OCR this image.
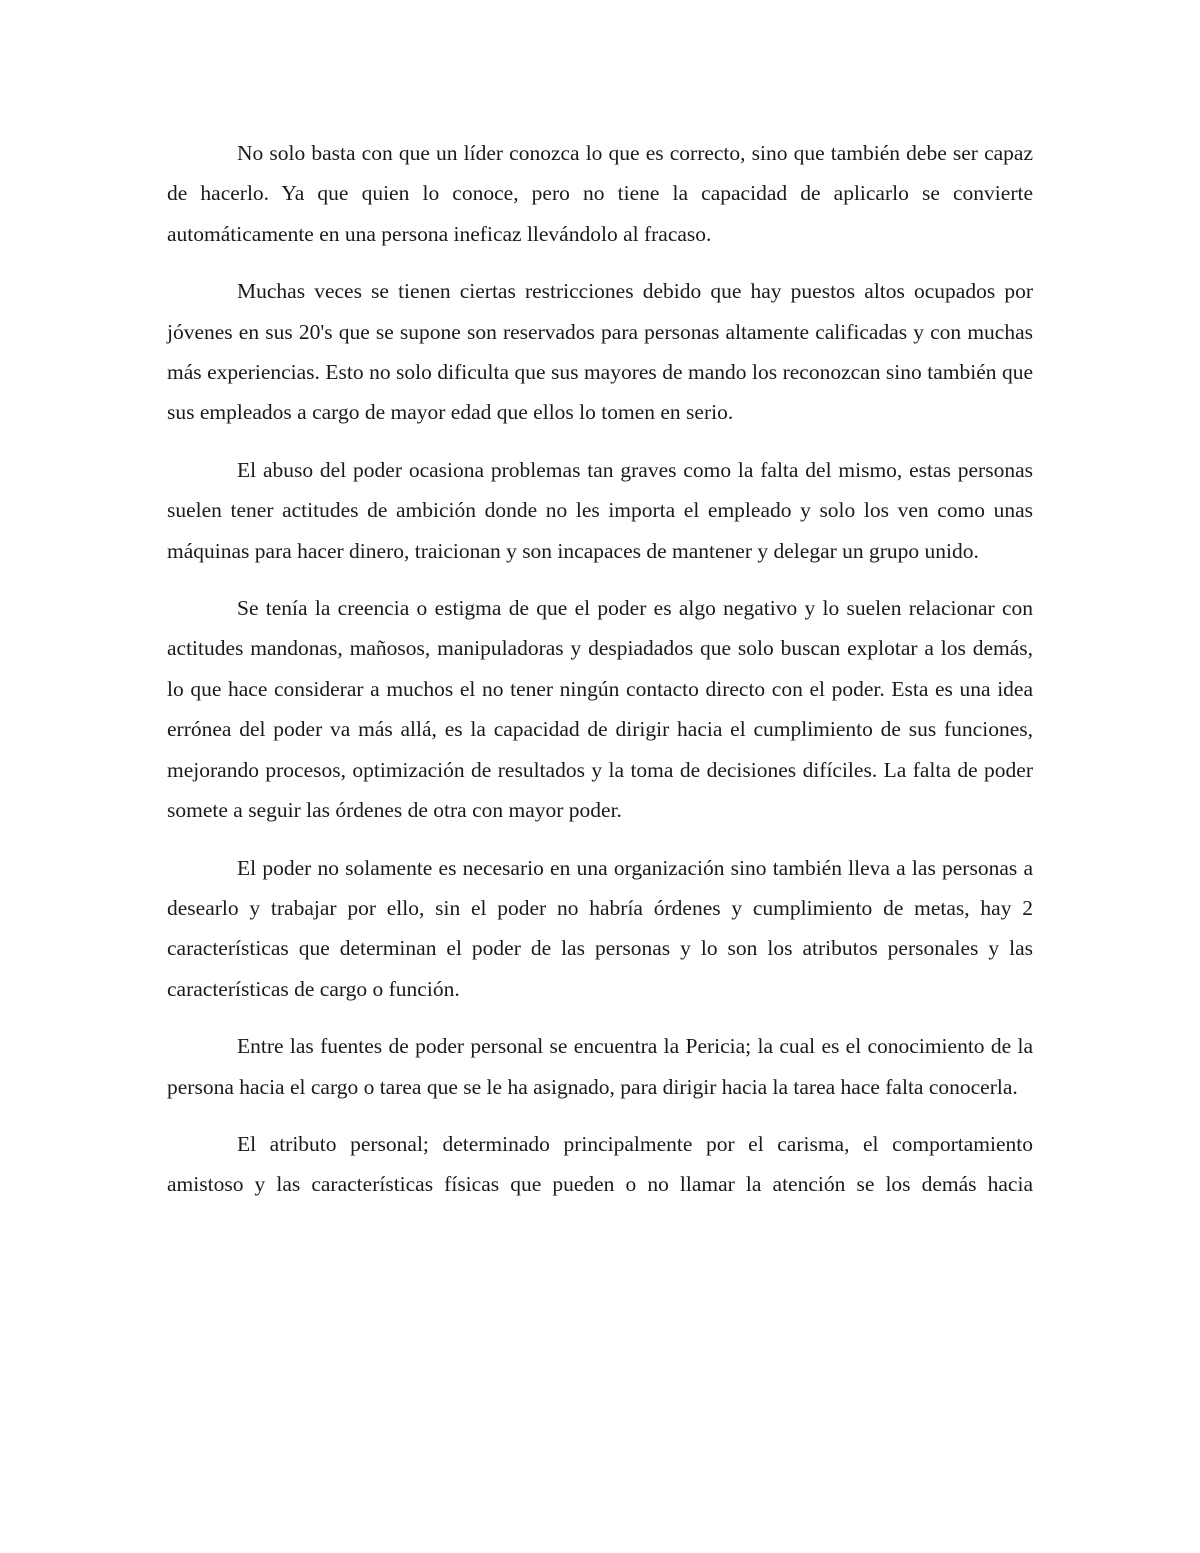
No solo basta con que un líder conozca lo que es correcto, sino que también debe ser capaz de hacerlo. Ya que quien lo conoce, pero no tiene la capacidad de aplicarlo se convierte automáticamente en una persona ineficaz llevándolo al fracaso.

Muchas veces se tienen ciertas restricciones debido que hay puestos altos ocupados por jóvenes en sus 20's que se supone son reservados para personas altamente calificadas y con muchas más experiencias. Esto no solo dificulta que sus mayores de mando los reconozcan sino también que sus empleados a cargo de mayor edad que ellos lo tomen en serio.

El abuso del poder ocasiona problemas tan graves como la falta del mismo, estas personas suelen tener actitudes de ambición donde no les importa el empleado y solo los ven como unas máquinas para hacer dinero, traicionan y son incapaces de mantener y delegar un grupo unido.

Se tenía la creencia o estigma de que el poder es algo negativo y lo suelen relacionar con actitudes mandonas, mañosos, manipuladoras y despiadados que solo buscan explotar a los demás, lo que hace considerar a muchos el no tener ningún contacto directo con el poder. Esta es una idea errónea del poder va más allá, es la capacidad de dirigir hacia el cumplimiento de sus funciones, mejorando procesos, optimización de resultados y la toma de decisiones difíciles. La falta de poder somete a seguir las órdenes de otra con mayor poder.

El poder no solamente es necesario en una organización sino también lleva a las personas a desearlo y trabajar por ello, sin el poder no habría órdenes y cumplimiento de metas, hay 2 características que determinan el poder de las personas y lo son los atributos personales y las características de cargo o función.

Entre las fuentes de poder personal se encuentra la Pericia; la cual es el conocimiento de la persona hacia el cargo o tarea que se le ha asignado, para dirigir hacia la tarea hace falta conocerla.

El atributo personal; determinado principalmente por el carisma, el comportamiento amistoso y las características físicas que pueden o no llamar la atención se los demás hacia
